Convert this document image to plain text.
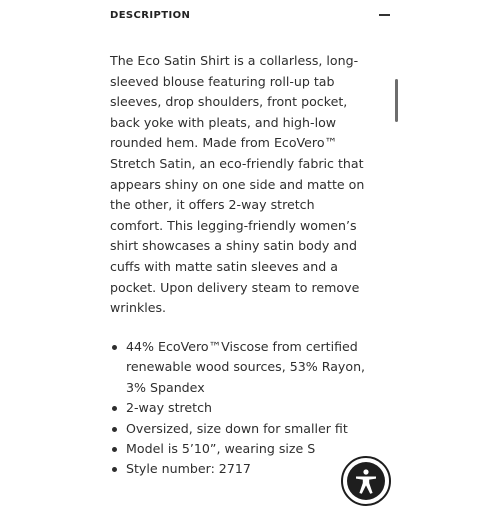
DESCRIPTION

The Eco Satin Shirt is a collarless, long-
sleeved blouse featuring roll-up tab
sleeves, drop shoulders, front pocket,
back yoke with pleats, and high-low
rounded hem. Made from EcoVero™
Stretch Satin, an eco-friendly fabric that
appears shiny on one side and matte on
the other, it offers 2-way stretch
comfort. This legging-friendly women’s
shirt showcases a shiny satin body and
cuffs with matte satin sleeves and a
pocket. Upon delivery steam to remove
wrinkles.

44% EcoVero™Viscose from certified
renewable wood sources, 53% Rayon,
3% Spandex
2-way stretch
Oversized, size down for smaller fit
Model is 5’10”, wearing size S
Style number: 2717
